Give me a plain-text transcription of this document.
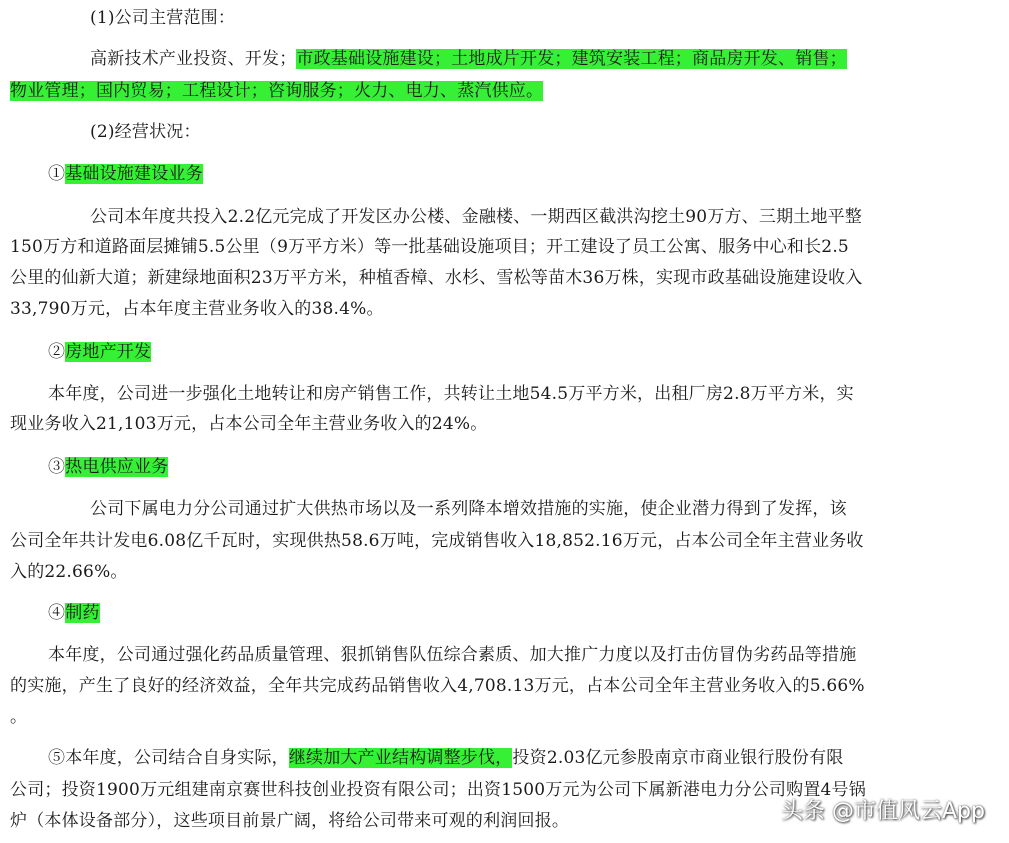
(1)公司主营范围：
高新技术产业投资、开发；市政基础设施建设；土地成片开发；建筑安装工程；商品房开发、销售；
物业管理；国内贸易；工程设计；咨询服务；火力、电力、蒸汽供应。
(2)经营状况：
①基础设施建设业务
公司本年度共投入2.2亿元完成了开发区办公楼、金融楼、一期西区截洪沟挖土90万方、三期土地平整
150万方和道路面层摊铺5.5公里（9万平方米）等一批基础设施项目；开工建设了员工公寓、服务中心和长2.5
公里的仙新大道；新建绿地面积23万平方米，种植香樟、水杉、雪松等苗木36万株，实现市政基础设施建设收入
33,790万元，占本年度主营业务收入的38.4%。
②房地产开发
本年度，公司进一步强化土地转让和房产销售工作，共转让土地54.5万平方米，出租厂房2.8万平方米，实
现业务收入21,103万元，占本公司全年主营业务收入的24%。
③热电供应业务
公司下属电力分公司通过扩大供热市场以及一系列降本增效措施的实施，使企业潜力得到了发挥，该
公司全年共计发电6.08亿千瓦时，实现供热58.6万吨，完成销售收入18,852.16万元，占本公司全年主营业务收
入的22.66%。
④制药
本年度，公司通过强化药品质量管理、狠抓销售队伍综合素质、加大推广力度以及打击仿冒伪劣药品等措施
的实施，产生了良好的经济效益，全年共完成药品销售收入4,708.13万元，占本公司全年主营业务收入的5.66%
。
⑤本年度，公司结合自身实际，继续加大产业结构调整步伐，投资2.03亿元参股南京市商业银行股份有限
公司；投资1900万元组建南京赛世科技创业投资有限公司；出资1500万元为公司下属新港电力分公司购置4号锅
炉（本体设备部分），这些项目前景广阔，将给公司带来可观的利润回报。	头条 @市值风云App
